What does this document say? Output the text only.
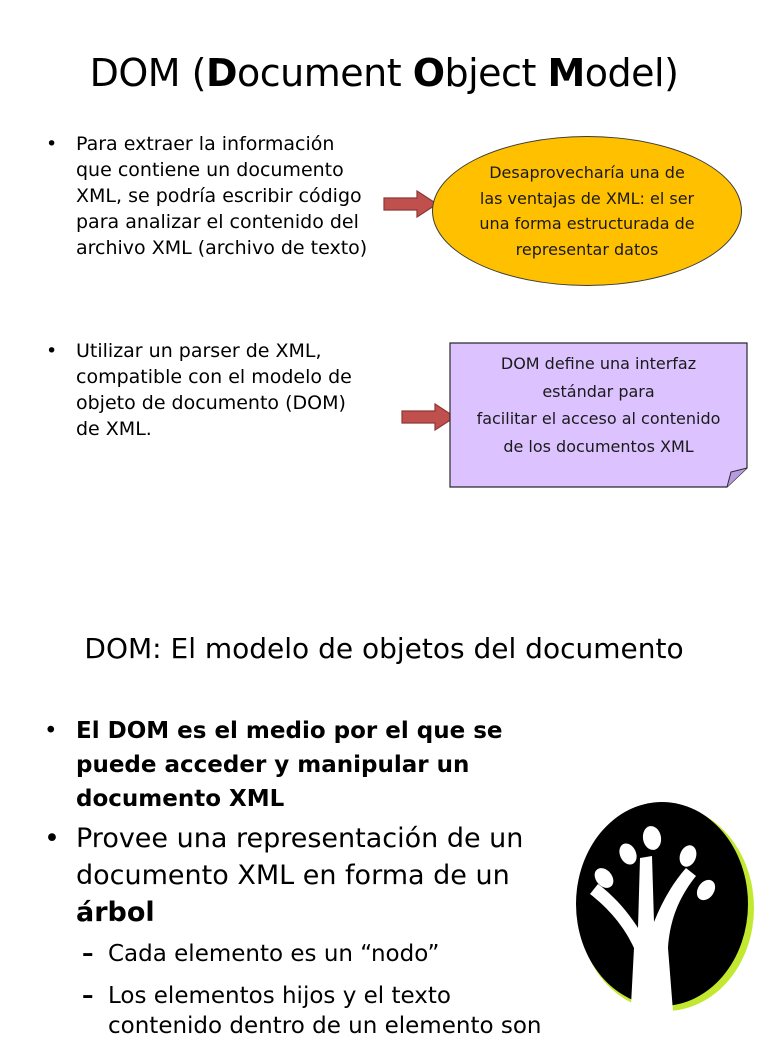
DOM (Document Object Model)
• Para extraer la información
que contiene un documento
XML, se podría escribir código
para analizar el contenido del
archivo XML (archivo de texto)
Desaprovecharía una de
las ventajas de XML: el ser
una forma estructurada de
representar datos
• Utilizar un parser de XML,
compatible con el modelo de
objeto de documento (DOM)
de XML.
DOM define una interfaz
estándar para
facilitar el acceso al contenido
de los documentos XML
DOM: El modelo de objetos del documento
• El DOM es el medio por el que se
puede acceder y manipular un
documento XML
• Provee una representación de un
documento XML en forma de un
árbol
– Cada elemento es un “nodo”
– Los elementos hijos y el texto
contenido dentro de un elemento son
